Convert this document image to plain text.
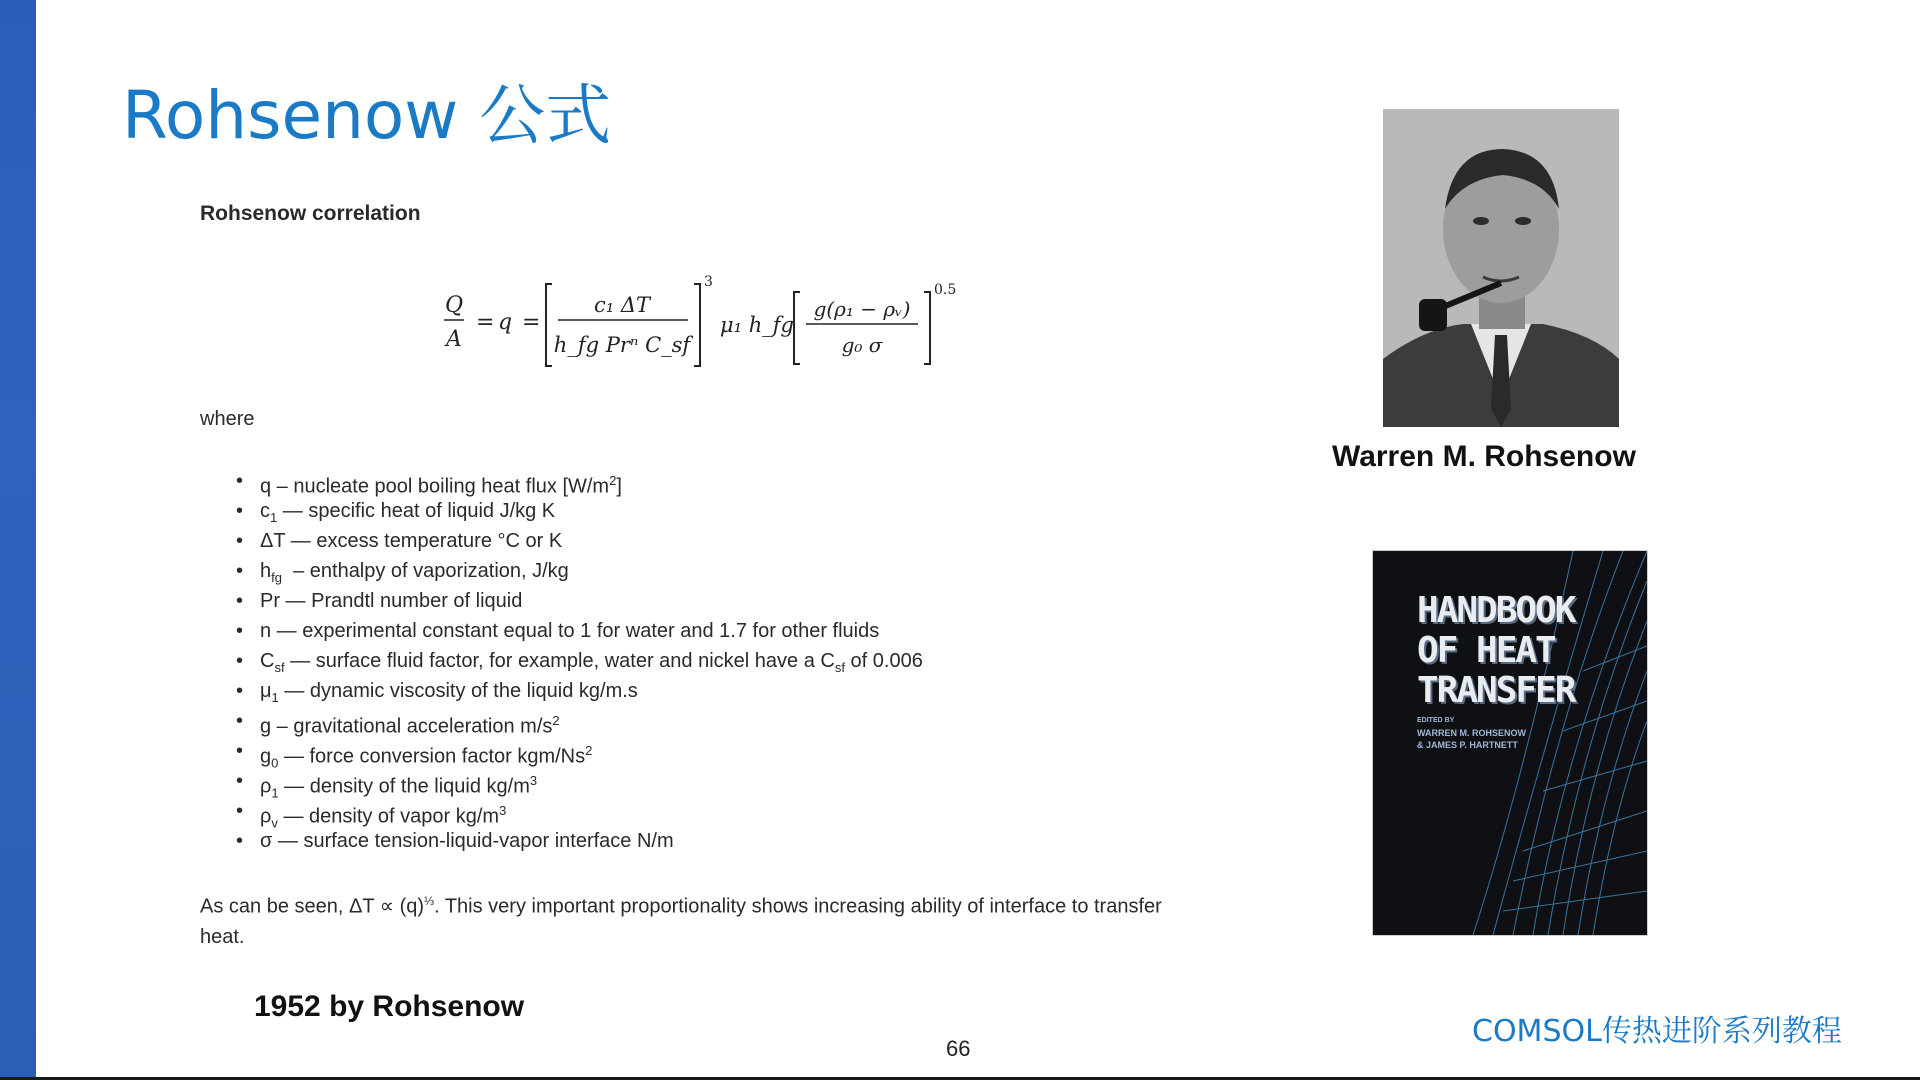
Rohsenow 公式
Rohsenow correlation
Q
A
= q =
c₁ ΔT
h_fg Prⁿ C_sf
3
μ₁ h_fg
g(ρ₁ − ρᵥ)
g₀ σ
0.5
where
• q – nucleate pool boiling heat flux $[W/m^2]$
• $c_1$ — specific heat of liquid J/kg K
• ΔT — excess temperature °C or K
• $h_{fg}$  – enthalpy of vaporization, J/kg
• Pr — Prandtl number of liquid
• n — experimental constant equal to 1 for water and 1.7 for other fluids
• $C_{sf}$ — surface fluid factor, for example, water and nickel have a $C_{sf}$ of 0.006
• $\mu_1$ — dynamic viscosity of the liquid kg/m.s
• g – gravitational acceleration $m/s^2$
• $g_0$ — force conversion factor kgm/Ns$^2$
• $\rho_1$ — density of the liquid $kg/m^3$
• $\rho_v$ — density of vapor $kg/m^3$
• σ — surface tension-liquid-vapor interface N/m
As can be seen, $\Delta T \propto (q)^{\frac{1}{3}}$. This very important proportionality shows increasing ability of interface to transfer heat.
1952 by Rohsenow
66	COMSOL传热进阶系列教程
Warren M. Rohsenow
HANDBOOK
OF HEAT
TRANSFER
EDITED BY
WARREN M. ROHSENOW
& JAMES P. HARTNETT
